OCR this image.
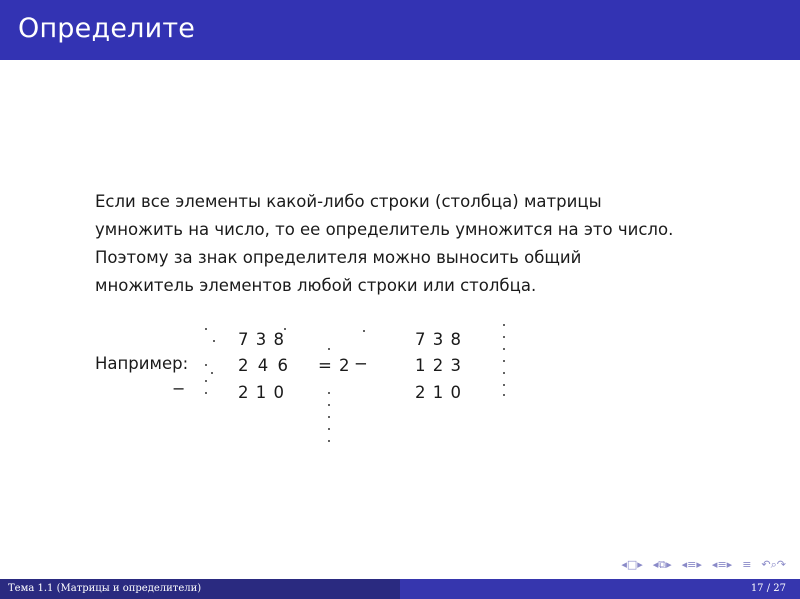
Определите
Если все элементы какой-либо строки (столбца) матрицы
умножить на число, то ее определитель умножится на это число.
Поэтому за знак определителя можно выносить общий
множитель элементов любой строки или столбца.
Например:
−
7 3 8
2 4 6
2 1 0
= 2 −
7 3 8
1 2 3
2 1 0
◂□▸ ◂⧉▸ ◂≡▸ ◂≡▸ ≡ ↶⌕↷
Тема 1.1 (Матрицы и определители)	17 / 27
